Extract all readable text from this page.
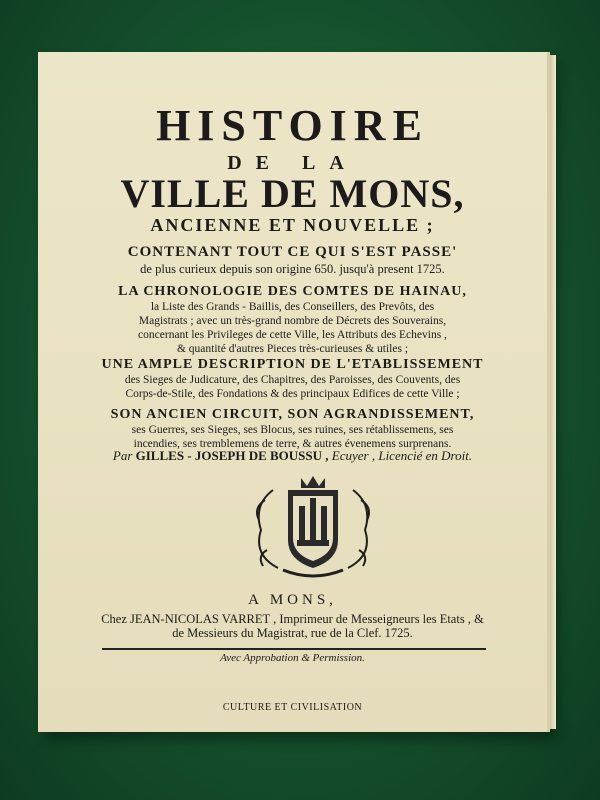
HISTOIRE
DE LA
VILLE DE MONS,
ANCIENNE ET NOUVELLE ;
CONTENANT TOUT CE QUI S'EST PASSE'
de plus curieux depuis son origine 650. jusqu'à present 1725.
LA CHRONOLOGIE DES COMTES DE HAINAU,
la Liste des Grands - Baillis, des Conseillers, des Prevôts, des
Magistrats ; avec un très-grand nombre de Décrets des Souverains,
concernant les Privileges de cette Ville, les Attributs des Echevins ,
& quantité d'autres Pieces très-curieuses & utiles ;
UNE AMPLE DESCRIPTION DE L'ETABLISSEMENT
des Sieges de Judicature, des Chapitres, des Paroisses, des Couvents, des
Corps-de-Stile, des Fondations & des principaux Edifices de cette Ville ;
SON ANCIEN CIRCUIT, SON AGRANDISSEMENT,
ses Guerres, ses Sieges, ses Blocus, ses ruines, ses rétablissemens, ses
incendies, ses tremblemens de terre, & autres évenemens surprenans.
Par GILLES - JOSEPH DE BOUSSU , Ecuyer , Licencié en Droit.
A MONS,
Chez JEAN-NICOLAS VARRET , Imprimeur de Messeigneurs les Etats , &
de Messieurs du Magistrat, rue de la Clef. 1725.
Avec Approbation & Permission.
CULTURE ET CIVILISATION
